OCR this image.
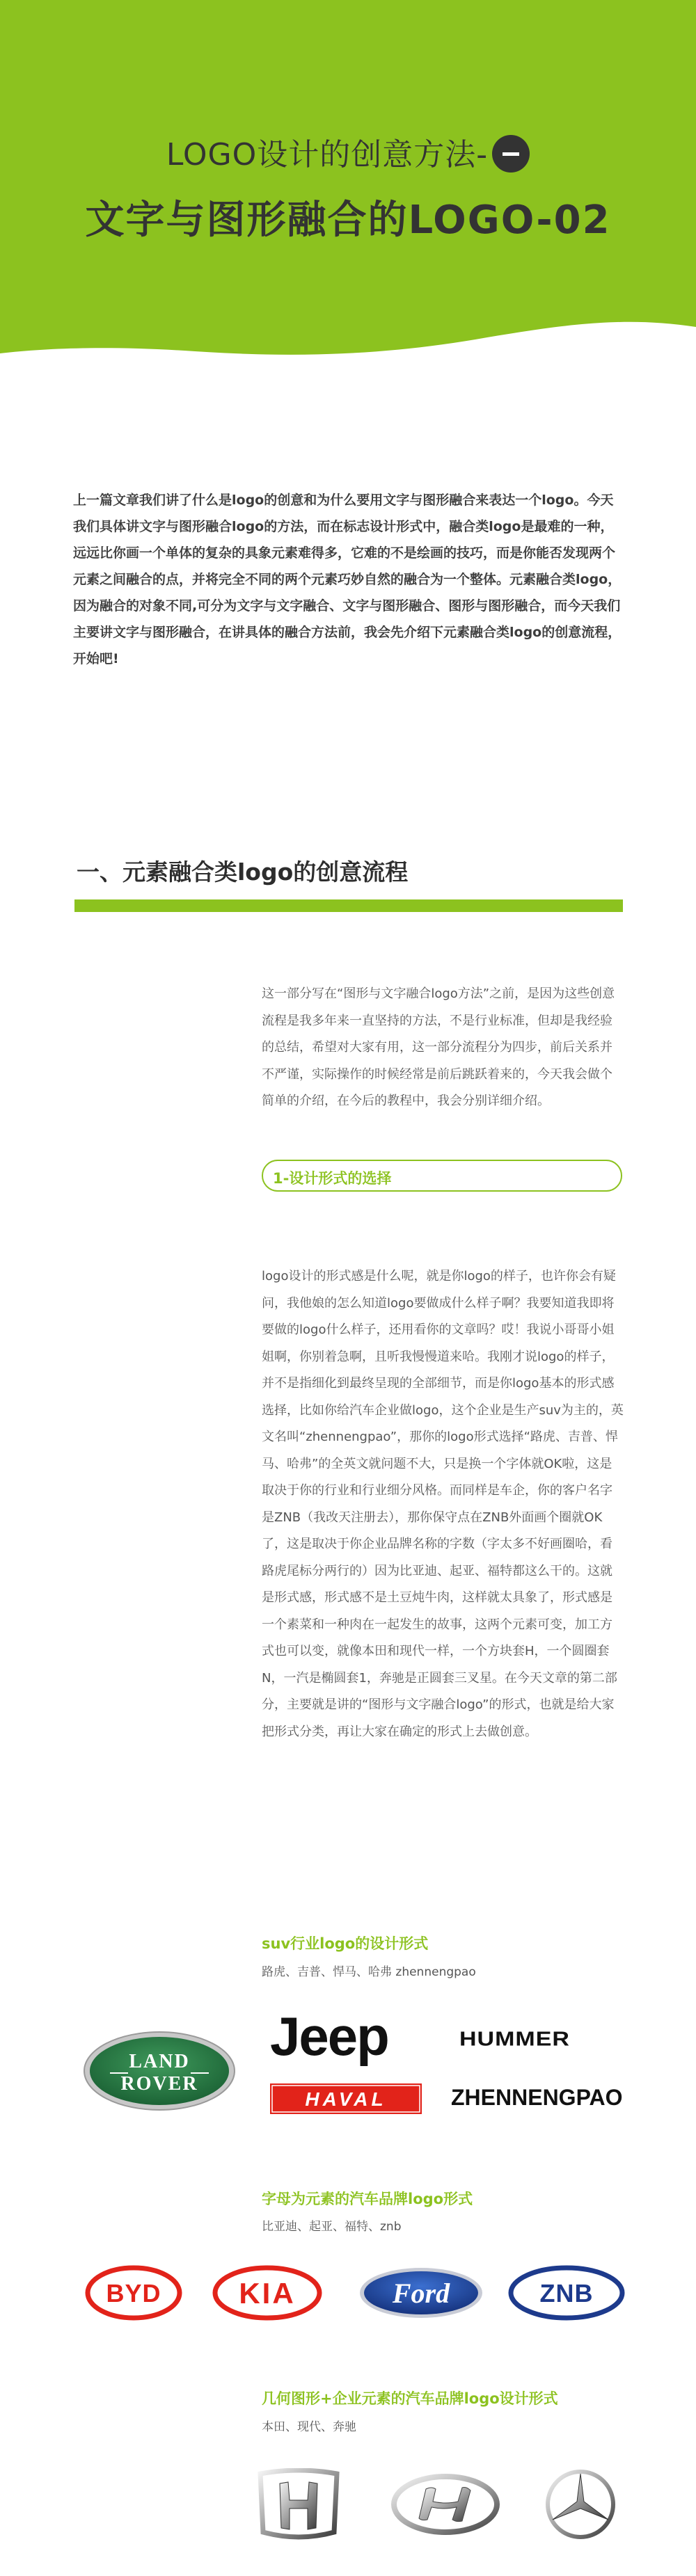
LOGO设计的创意方法-
文字与图形融合的LOGO-02
上一篇文章我们讲了什么是logo的创意和为什么要用文字与图形融合来表达一个logo。今天我们具体讲文字与图形融合logo的方法，而在标志设计形式中，融合类logo是最难的一种，远远比你画一个单体的复杂的具象元素难得多，它难的不是绘画的技巧，而是你能否发现两个元素之间融合的点，并将完全不同的两个元素巧妙自然的融合为一个整体。元素融合类logo，因为融合的对象不同,可分为文字与文字融合、文字与图形融合、图形与图形融合，而今天我们主要讲文字与图形融合，在讲具体的融合方法前，我会先介绍下元素融合类logo的创意流程，开始吧!
一、元素融合类logo的创意流程
这一部分写在“图形与文字融合logo方法”之前，是因为这些创意流程是我多年来一直坚持的方法，不是行业标准，但却是我经验的总结，希望对大家有用，这一部分流程分为四步，前后关系并不严谨，实际操作的时候经常是前后跳跃着来的，今天我会做个简单的介绍，在今后的教程中，我会分别详细介绍。
1-设计形式的选择
logo设计的形式感是什么呢，就是你logo的样子，也许你会有疑问，我他娘的怎么知道logo要做成什么样子啊？我要知道我即将要做的logo什么样子，还用看你的文章吗？哎！我说小哥哥小姐姐啊，你别着急啊，且听我慢慢道来哈。我刚才说logo的样子，并不是指细化到最终呈现的全部细节，而是你logo基本的形式感选择，比如你给汽车企业做logo，这个企业是生产suv为主的，英文名叫“zhennengpao”，那你的logo形式选择“路虎、吉普、悍马、哈弗”的全英文就问题不大，只是换一个字体就OK啦，这是取决于你的行业和行业细分风格。而同样是车企，你的客户名字是ZNB（我改天注册去），那你保守点在ZNB外面画个圈就OK了，这是取决于你企业品牌名称的字数（字太多不好画圈哈，看路虎尾标分两行的）因为比亚迪、起亚、福特都这么干的。这就是形式感，形式感不是土豆炖牛肉，这样就太具象了，形式感是一个素菜和一种肉在一起发生的故事，这两个元素可变，加工方式也可以变，就像本田和现代一样，一个方块套H，一个圆圈套N，一汽是椭圆套1，奔驰是正圆套三叉星。在今天文章的第二部分，主要就是讲的“图形与文字融合logo”的形式，也就是给大家把形式分类，再让大家在确定的形式上去做创意。
suv行业logo的设计形式
路虎、吉普、悍马、哈弗 zhennengpao
LAND
ROVER
Jeep	HUMMER
HAVAL	ZHENNENGPAO
字母为元素的汽车品牌logo形式
比亚迪、起亚、福特、znb
BYD	KIA	Ford	ZNB
几何图形+企业元素的汽车品牌logo设计形式
本田、现代、奔驰
